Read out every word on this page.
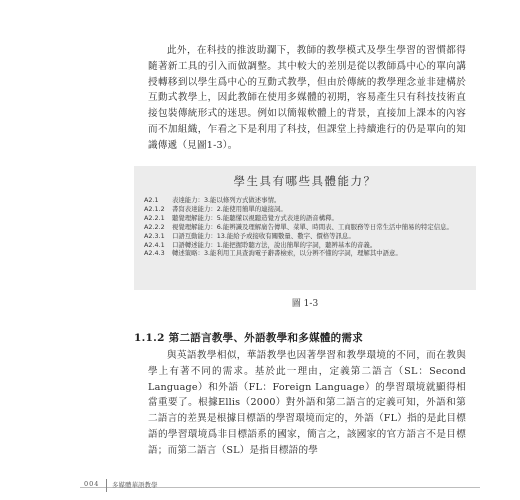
此外，在科技的推波助瀾下，教師的教學模式及學生學習的習慣都得隨著新工具的引入而做調整。其中較大的差別是從以教師爲中心的單向講授轉移到以學生爲中心的互動式教學，但由於傳統的教學理念並非建構於互動式教學上，因此教師在使用多媒體的初期，容易產生只有科技技術直接包裝傳統形式的迷思。例如以簡報軟體上的背景，直接加上課本的內容而不加組織，乍看之下是利用了科技，但課堂上持續進行的仍是單向的知識傳遞（見圖1-3）。

學生具有哪些具體能力？
A2.1	表達能力：3.能以條列方式做述事情。
A2.1.2	書寫表達能力：2.能使用簡單的連接詞。
A2.2.1	聽覺理解能力：5.能聽懂以視聽造覺方式表達的語音構釋。
A2.2.2	視覺理解能力：6.能辨識及理解廣告傳單、菜單、時間表、工商服務等日常生活中簡易的特定信息。
A2.3.1	口語互動能力：13.能給予或接收有關數量、數字、價格等訊息。
A2.4.1	口語轉述能力：1.能把握聆聽方法，說出簡單的字詞，聽辨基本的音義。
A2.4.3	轉述策略：3.能利用工具查詢電子辭書檢索，以分辨不懂的字詞，理解其中語意。
圖 1-3
1.1.2 第二語言教學、外語教學和多媒體的需求

與英語教學相似，華語教學也因著學習和教學環境的不同，而在教與學上有著不同的需求。基於此一理由，定義第二語言（SL：Second Language）和外語（FL：Foreign Language）的學習環境就顯得相當重要了。根據Ellis（2000）對外語和第二語言的定義可知，外語和第二語言的差異是根據目標語的學習環境而定的，外語（FL）指的是此目標語的學習環境爲非目標語系的國家，簡言之，該國家的官方語言不是目標語；而第二語言（SL）是指目標語的學

004 多媒體華語教學
